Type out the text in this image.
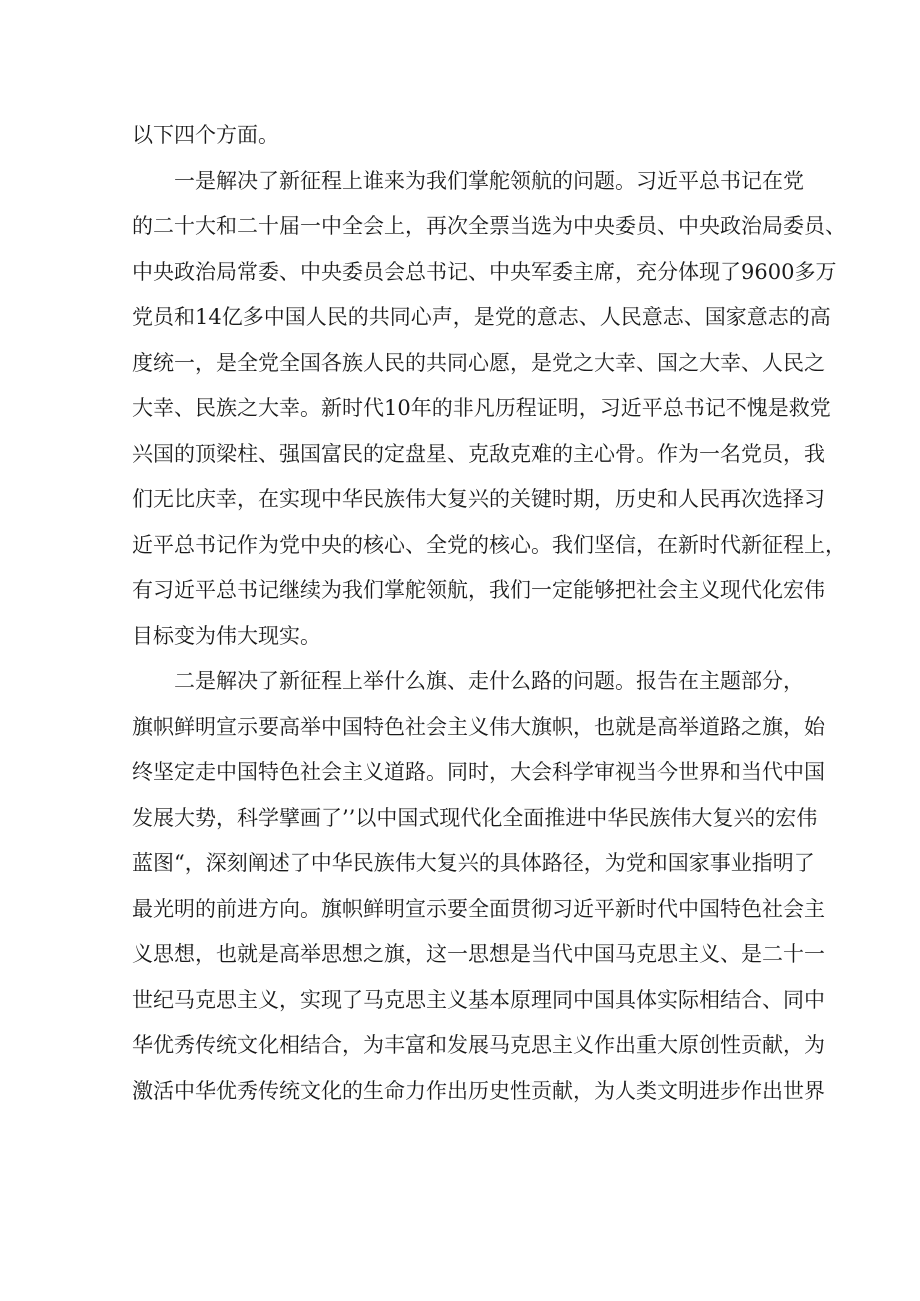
以下四个方面。
一是解决了新征程上谁来为我们掌舵领航的问题。习近平总书记在党
的二十大和二十届一中全会上，再次全票当选为中央委员、中央政治局委员、
中央政治局常委、中央委员会总书记、中央军委主席，充分体现了9600多万
党员和14亿多中国人民的共同心声，是党的意志、人民意志、国家意志的高
度统一，是全党全国各族人民的共同心愿，是党之大幸、国之大幸、人民之
大幸、民族之大幸。新时代10年的非凡历程证明，习近平总书记不愧是救党
兴国的顶梁柱、强国富民的定盘星、克敌克难的主心骨。作为一名党员，我
们无比庆幸，在实现中华民族伟大复兴的关键时期，历史和人民再次选择习
近平总书记作为党中央的核心、全党的核心。我们坚信，在新时代新征程上，
有习近平总书记继续为我们掌舵领航，我们一定能够把社会主义现代化宏伟
目标变为伟大现实。
二是解决了新征程上举什么旗、走什么路的问题。报告在主题部分，
旗帜鲜明宣示要高举中国特色社会主义伟大旗帜，也就是高举道路之旗，始
终坚定走中国特色社会主义道路。同时，大会科学审视当今世界和当代中国
发展大势，科学擘画了’’以中国式现代化全面推进中华民族伟大复兴的宏伟
蓝图“，深刻阐述了中华民族伟大复兴的具体路径，为党和国家事业指明了
最光明的前进方向。旗帜鲜明宣示要全面贯彻习近平新时代中国特色社会主
义思想，也就是高举思想之旗，这一思想是当代中国马克思主义、是二十一
世纪马克思主义，实现了马克思主义基本原理同中国具体实际相结合、同中
华优秀传统文化相结合，为丰富和发展马克思主义作出重大原创性贡献，为
激活中华优秀传统文化的生命力作出历史性贡献，为人类文明进步作出世界
